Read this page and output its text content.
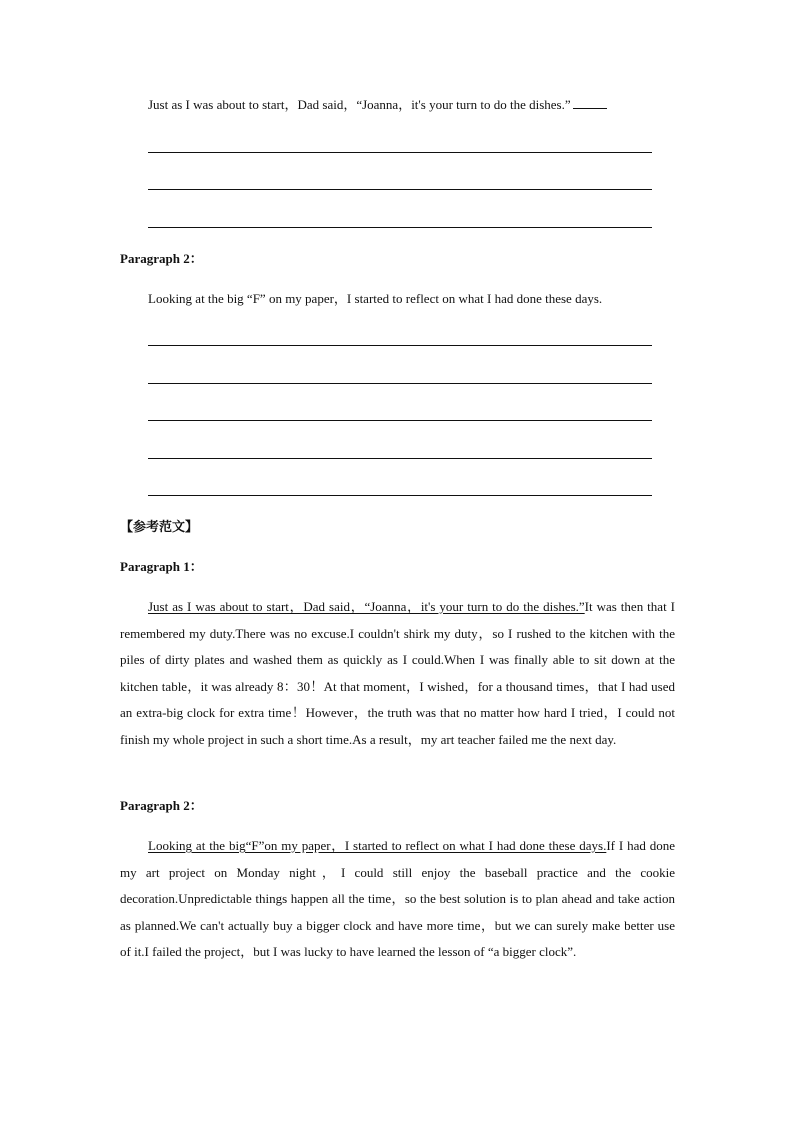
Just as I was about to start，Dad said，“Joanna，it's your turn to do the dishes.”
Paragraph 2：
Looking at the big “F” on my paper，I started to reflect on what I had done these days.
【参考范文】
Paragraph 1：

Just as I was about to start，Dad said，“Joanna，it's your turn to do the dishes.”It was then that I remembered my duty.There was no excuse.I couldn't shirk my duty，so I rushed to the kitchen with the piles of dirty plates and washed them as quickly as I could.When I was finally able to sit down at the kitchen table，it was already 8：30！At that moment，I wished，for a thousand times，that I had used an extra-big clock for extra time！However，the truth was that no matter how hard I tried，I could not finish my whole project in such a short time.As a result，my art teacher failed me the next day.

Paragraph 2：

Looking at the big“F”on my paper，I started to reflect on what I had done these days.If I had done my art project on Monday night，I could still enjoy the baseball practice and the cookie decoration.Unpredictable things happen all the time，so the best solution is to plan ahead and take action as planned.We can't actually buy a bigger clock and have more time，but we can surely make better use of it.I failed the project，but I was lucky to have learned the lesson of “a bigger clock”.
